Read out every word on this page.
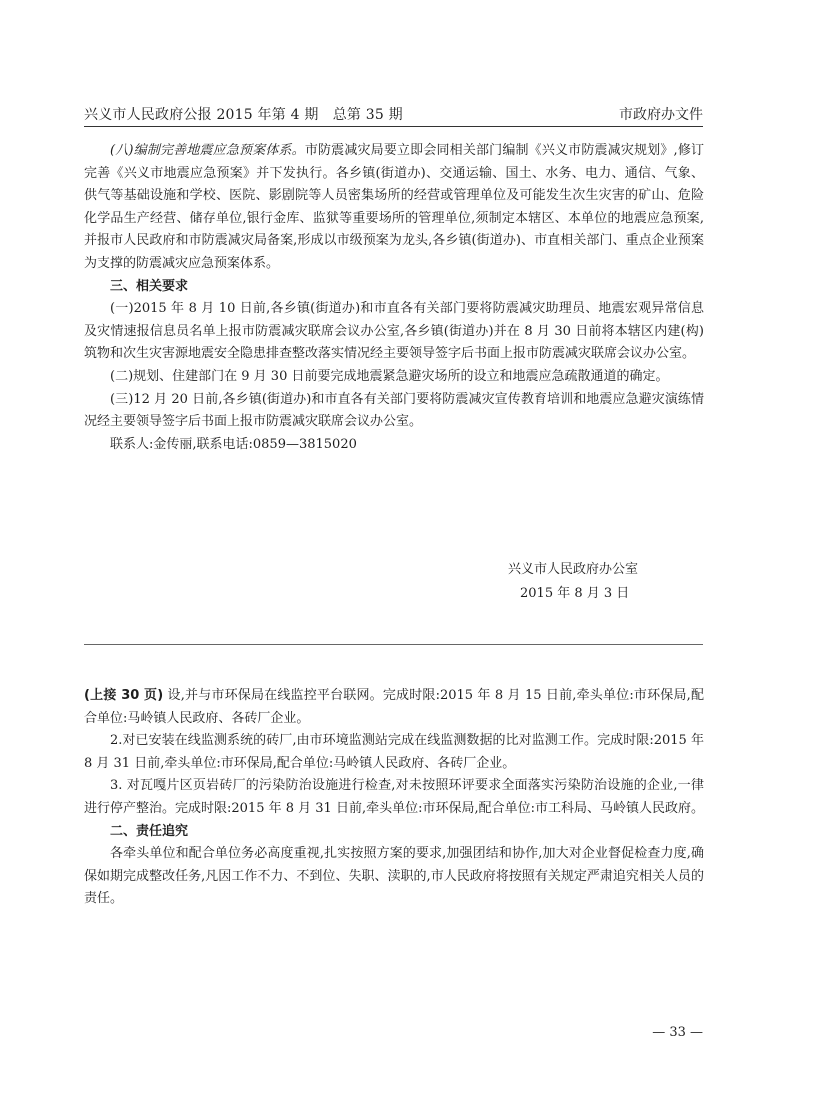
兴义市人民政府公报 2015 年第 4 期　总第 35 期	市政府办文件

(八)编制完善地震应急预案体系。市防震减灾局要立即会同相关部门编制《兴义市防震减灾规划》,修订完善《兴义市地震应急预案》并下发执行。各乡镇(街道办)、交通运输、国土、水务、电力、通信、气象、供气等基础设施和学校、医院、影剧院等人员密集场所的经营或管理单位及可能发生次生灾害的矿山、危险化学品生产经营、储存单位,银行金库、监狱等重要场所的管理单位,须制定本辖区、本单位的地震应急预案,并报市人民政府和市防震减灾局备案,形成以市级预案为龙头,各乡镇(街道办)、市直相关部门、重点企业预案为支撑的防震减灾应急预案体系。

三、相关要求

(一)2015 年 8 月 10 日前,各乡镇(街道办)和市直各有关部门要将防震减灾助理员、地震宏观异常信息及灾情速报信息员名单上报市防震减灾联席会议办公室,各乡镇(街道办)并在 8 月 30 日前将本辖区内建(构)筑物和次生灾害源地震安全隐患排查整改落实情况经主要领导签字后书面上报市防震减灾联席会议办公室。

(二)规划、住建部门在 9 月 30 日前要完成地震紧急避灾场所的设立和地震应急疏散通道的确定。

(三)12 月 20 日前,各乡镇(街道办)和市直各有关部门要将防震减灾宣传教育培训和地震应急避灾演练情况经主要领导签字后书面上报市防震减灾联席会议办公室。

联系人:金传丽,联系电话:0859—3815020

兴义市人民政府办公室
2015 年 8 月 3 日

(上接 30 页) 设,并与市环保局在线监控平台联网。完成时限:2015 年 8 月 15 日前,牵头单位:市环保局,配合单位:马岭镇人民政府、各砖厂企业。

2.对已安装在线监测系统的砖厂,由市环境监测站完成在线监测数据的比对监测工作。完成时限:2015 年 8 月 31 日前,牵头单位:市环保局,配合单位:马岭镇人民政府、各砖厂企业。

3. 对瓦嘎片区页岩砖厂的污染防治设施进行检查,对未按照环评要求全面落实污染防治设施的企业,一律进行停产整治。完成时限:2015 年 8 月 31 日前,牵头单位:市环保局,配合单位:市工科局、马岭镇人民政府。

二、责任追究

各牵头单位和配合单位务必高度重视,扎实按照方案的要求,加强团结和协作,加大对企业督促检查力度,确保如期完成整改任务,凡因工作不力、不到位、失职、渎职的,市人民政府将按照有关规定严肃追究相关人员的责任。

— 33 —
